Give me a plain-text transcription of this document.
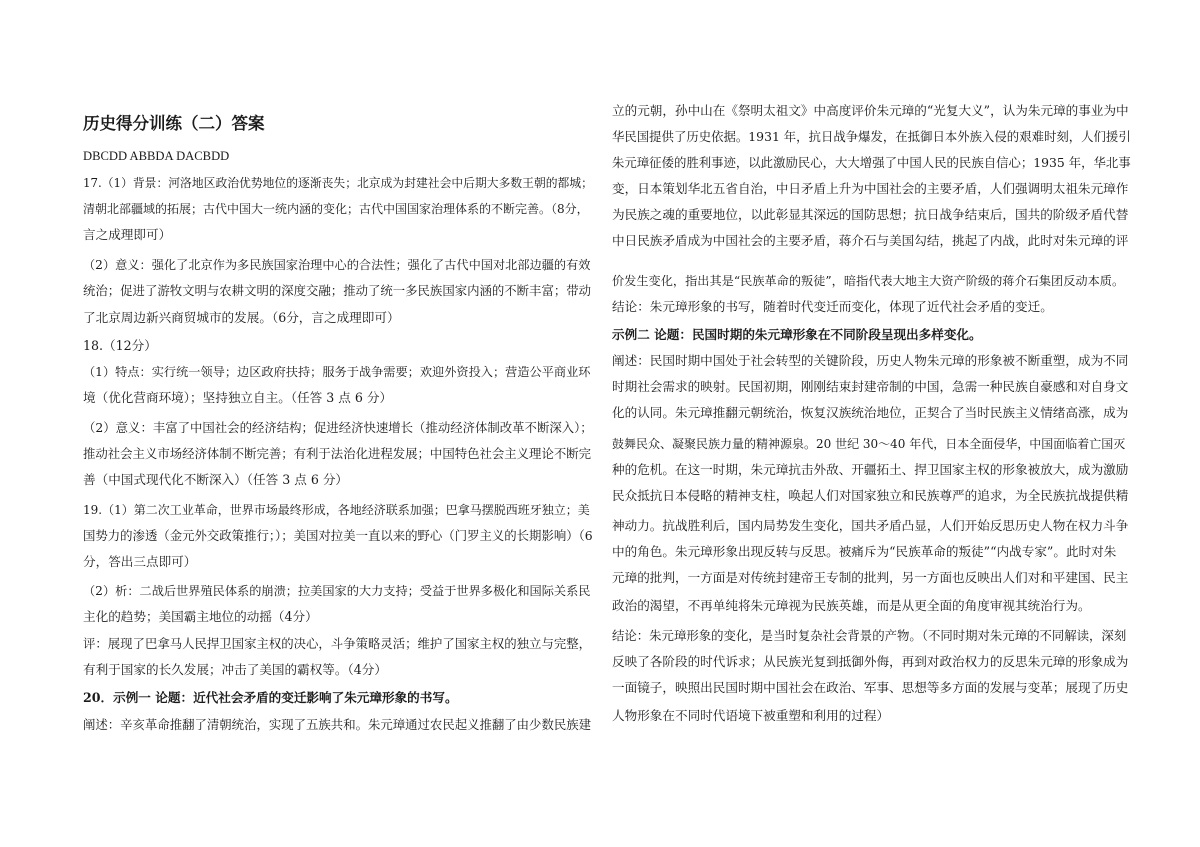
历史得分训练（二）答案
DBCDD ABBDA DACBDD
17.（1）背景：河洛地区政治优势地位的逐渐丧失；北京成为封建社会中后期大多数王朝的都城；
清朝北部疆域的拓展；古代中国大一统内涵的变化；古代中国国家治理体系的不断完善。（8分，
言之成理即可）
（2）意义：强化了北京作为多民族国家治理中心的合法性；强化了古代中国对北部边疆的有效
统治；促进了游牧文明与农耕文明的深度交融；推动了统一多民族国家内涵的不断丰富；带动
了北京周边新兴商贸城市的发展。（6分，言之成理即可）
18.（12分）
（1）特点：实行统一领导；边区政府扶持；服务于战争需要；欢迎外资投入；营造公平商业环
境（优化营商环境）；坚持独立自主。（任答 3 点 6 分）
（2）意义：丰富了中国社会的经济结构；促进经济快速增长（推动经济体制改革不断深入）；
推动社会主义市场经济体制不断完善；有利于法治化进程发展；中国特色社会主义理论不断完
善（中国式现代化不断深入）（任答 3 点 6 分）
19.（1）第二次工业革命，世界市场最终形成，各地经济联系加强；巴拿马摆脱西班牙独立；美
国势力的渗透（金元外交政策推行；）；美国对拉美一直以来的野心（门罗主义的长期影响）（6
分，答出三点即可）
（2）析：二战后世界殖民体系的崩溃；拉美国家的大力支持；受益于世界多极化和国际关系民
主化的趋势；美国霸主地位的动摇（4分）
评：展现了巴拿马人民捍卫国家主权的决心，斗争策略灵活；维护了国家主权的独立与完整，
有利于国家的长久发展；冲击了美国的霸权等。（4分）
20．示例一 论题：近代社会矛盾的变迁影响了朱元璋形象的书写。
阐述：辛亥革命推翻了清朝统治，实现了五族共和。朱元璋通过农民起义推翻了由少数民族建
立的元朝，孙中山在《祭明太祖文》中高度评价朱元璋的“光复大义”，认为朱元璋的事业为中
华民国提供了历史依据。1931 年，抗日战争爆发，在抵御日本外族入侵的艰难时刻，人们援引
朱元璋征倭的胜利事迹，以此激励民心，大大增强了中国人民的民族自信心；1935 年，华北事
变，日本策划华北五省自治，中日矛盾上升为中国社会的主要矛盾，人们强调明太祖朱元璋作
为民族之魂的重要地位，以此彰显其深远的国防思想；抗日战争结束后，国共的阶级矛盾代替
中日民族矛盾成为中国社会的主要矛盾，蒋介石与美国勾结，挑起了内战，此时对朱元璋的评
价发生变化，指出其是“民族革命的叛徒”，暗指代表大地主大资产阶级的蒋介石集团反动本质。
结论：朱元璋形象的书写，随着时代变迁而变化，体现了近代社会矛盾的变迁。
示例二 论题：民国时期的朱元璋形象在不同阶段呈现出多样变化。
阐述：民国时期中国处于社会转型的关键阶段，历史人物朱元璋的形象被不断重塑，成为不同
时期社会需求的映射。民国初期，刚刚结束封建帝制的中国，急需一种民族自豪感和对自身文
化的认同。朱元璋推翻元朝统治，恢复汉族统治地位，正契合了当时民族主义情绪高涨，成为
鼓舞民众、凝聚民族力量的精神源泉。20 世纪 30～40 年代，日本全面侵华，中国面临着亡国灭
种的危机。在这一时期，朱元璋抗击外敌、开疆拓土、捍卫国家主权的形象被放大，成为激励
民众抵抗日本侵略的精神支柱，唤起人们对国家独立和民族尊严的追求，为全民族抗战提供精
神动力。抗战胜利后，国内局势发生变化，国共矛盾凸显，人们开始反思历史人物在权力斗争
中的角色。朱元璋形象出现反转与反思。被痛斥为“民族革命的叛徒”“内战专家”。此时对朱
元璋的批判，一方面是对传统封建帝王专制的批判，另一方面也反映出人们对和平建国、民主
政治的渴望，不再单纯将朱元璋视为民族英雄，而是从更全面的角度审视其统治行为。
结论：朱元璋形象的变化，是当时复杂社会背景的产物。（不同时期对朱元璋的不同解读，深刻
反映了各阶段的时代诉求；从民族光复到抵御外侮，再到对政治权力的反思朱元璋的形象成为
一面镜子，映照出民国时期中国社会在政治、军事、思想等多方面的发展与变革；展现了历史
人物形象在不同时代语境下被重塑和利用的过程）
